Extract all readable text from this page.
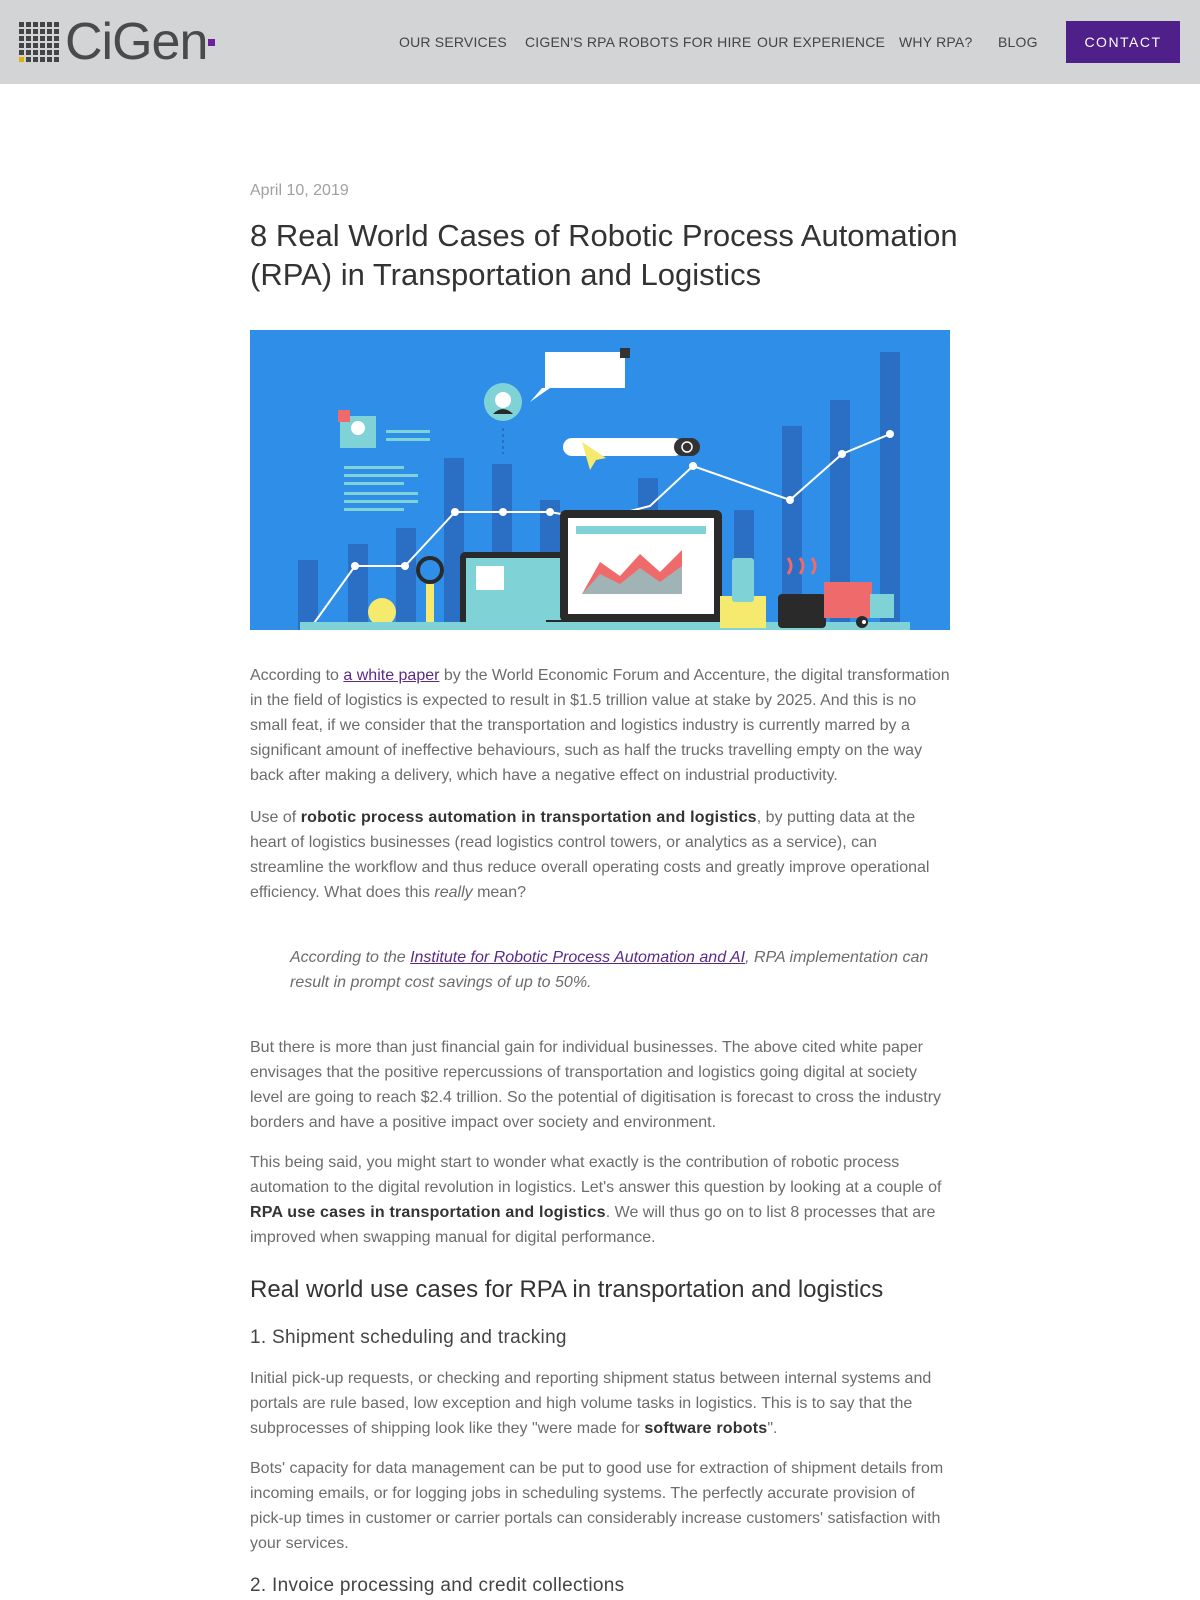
CiGen	OUR SERVICES CIGEN'S RPA ROBOTS FOR HIRE OUR EXPERIENCE WHY RPA? BLOG	CONTACT
April 10, 2019
8 Real World Cases of Robotic Process Automation (RPA) in Transportation and Logistics
According to a white paper by the World Economic Forum and Accenture, the digital transformation in the field of logistics is expected to result in $1.5 trillion value at stake by 2025. And this is no small feat, if we consider that the transportation and logistics industry is currently marred by a significant amount of ineffective behaviours, such as half the trucks travelling empty on the way back after making a delivery, which have a negative effect on industrial productivity.
Use of robotic process automation in transportation and logistics, by putting data at the heart of logistics businesses (read logistics control towers, or analytics as a service), can streamline the workflow and thus reduce overall operating costs and greatly improve operational efficiency. What does this really mean?
According to the Institute for Robotic Process Automation and AI, RPA implementation can result in prompt cost savings of up to 50%.
But there is more than just financial gain for individual businesses. The above cited white paper envisages that the positive repercussions of transportation and logistics going digital at society level are going to reach $2.4 trillion. So the potential of digitisation is forecast to cross the industry borders and have a positive impact over society and environment.
This being said, you might start to wonder what exactly is the contribution of robotic process automation to the digital revolution in logistics. Let's answer this question by looking at a couple of RPA use cases in transportation and logistics. We will thus go on to list 8 processes that are improved when swapping manual for digital performance.
Real world use cases for RPA in transportation and logistics
1. Shipment scheduling and tracking
Initial pick-up requests, or checking and reporting shipment status between internal systems and portals are rule based, low exception and high volume tasks in logistics. This is to say that the subprocesses of shipping look like they "were made for software robots".
Bots' capacity for data management can be put to good use for extraction of shipment details from incoming emails, or for logging jobs in scheduling systems. The perfectly accurate provision of pick-up times in customer or carrier portals can considerably increase customers' satisfaction with your services.
2. Invoice processing and credit collections
